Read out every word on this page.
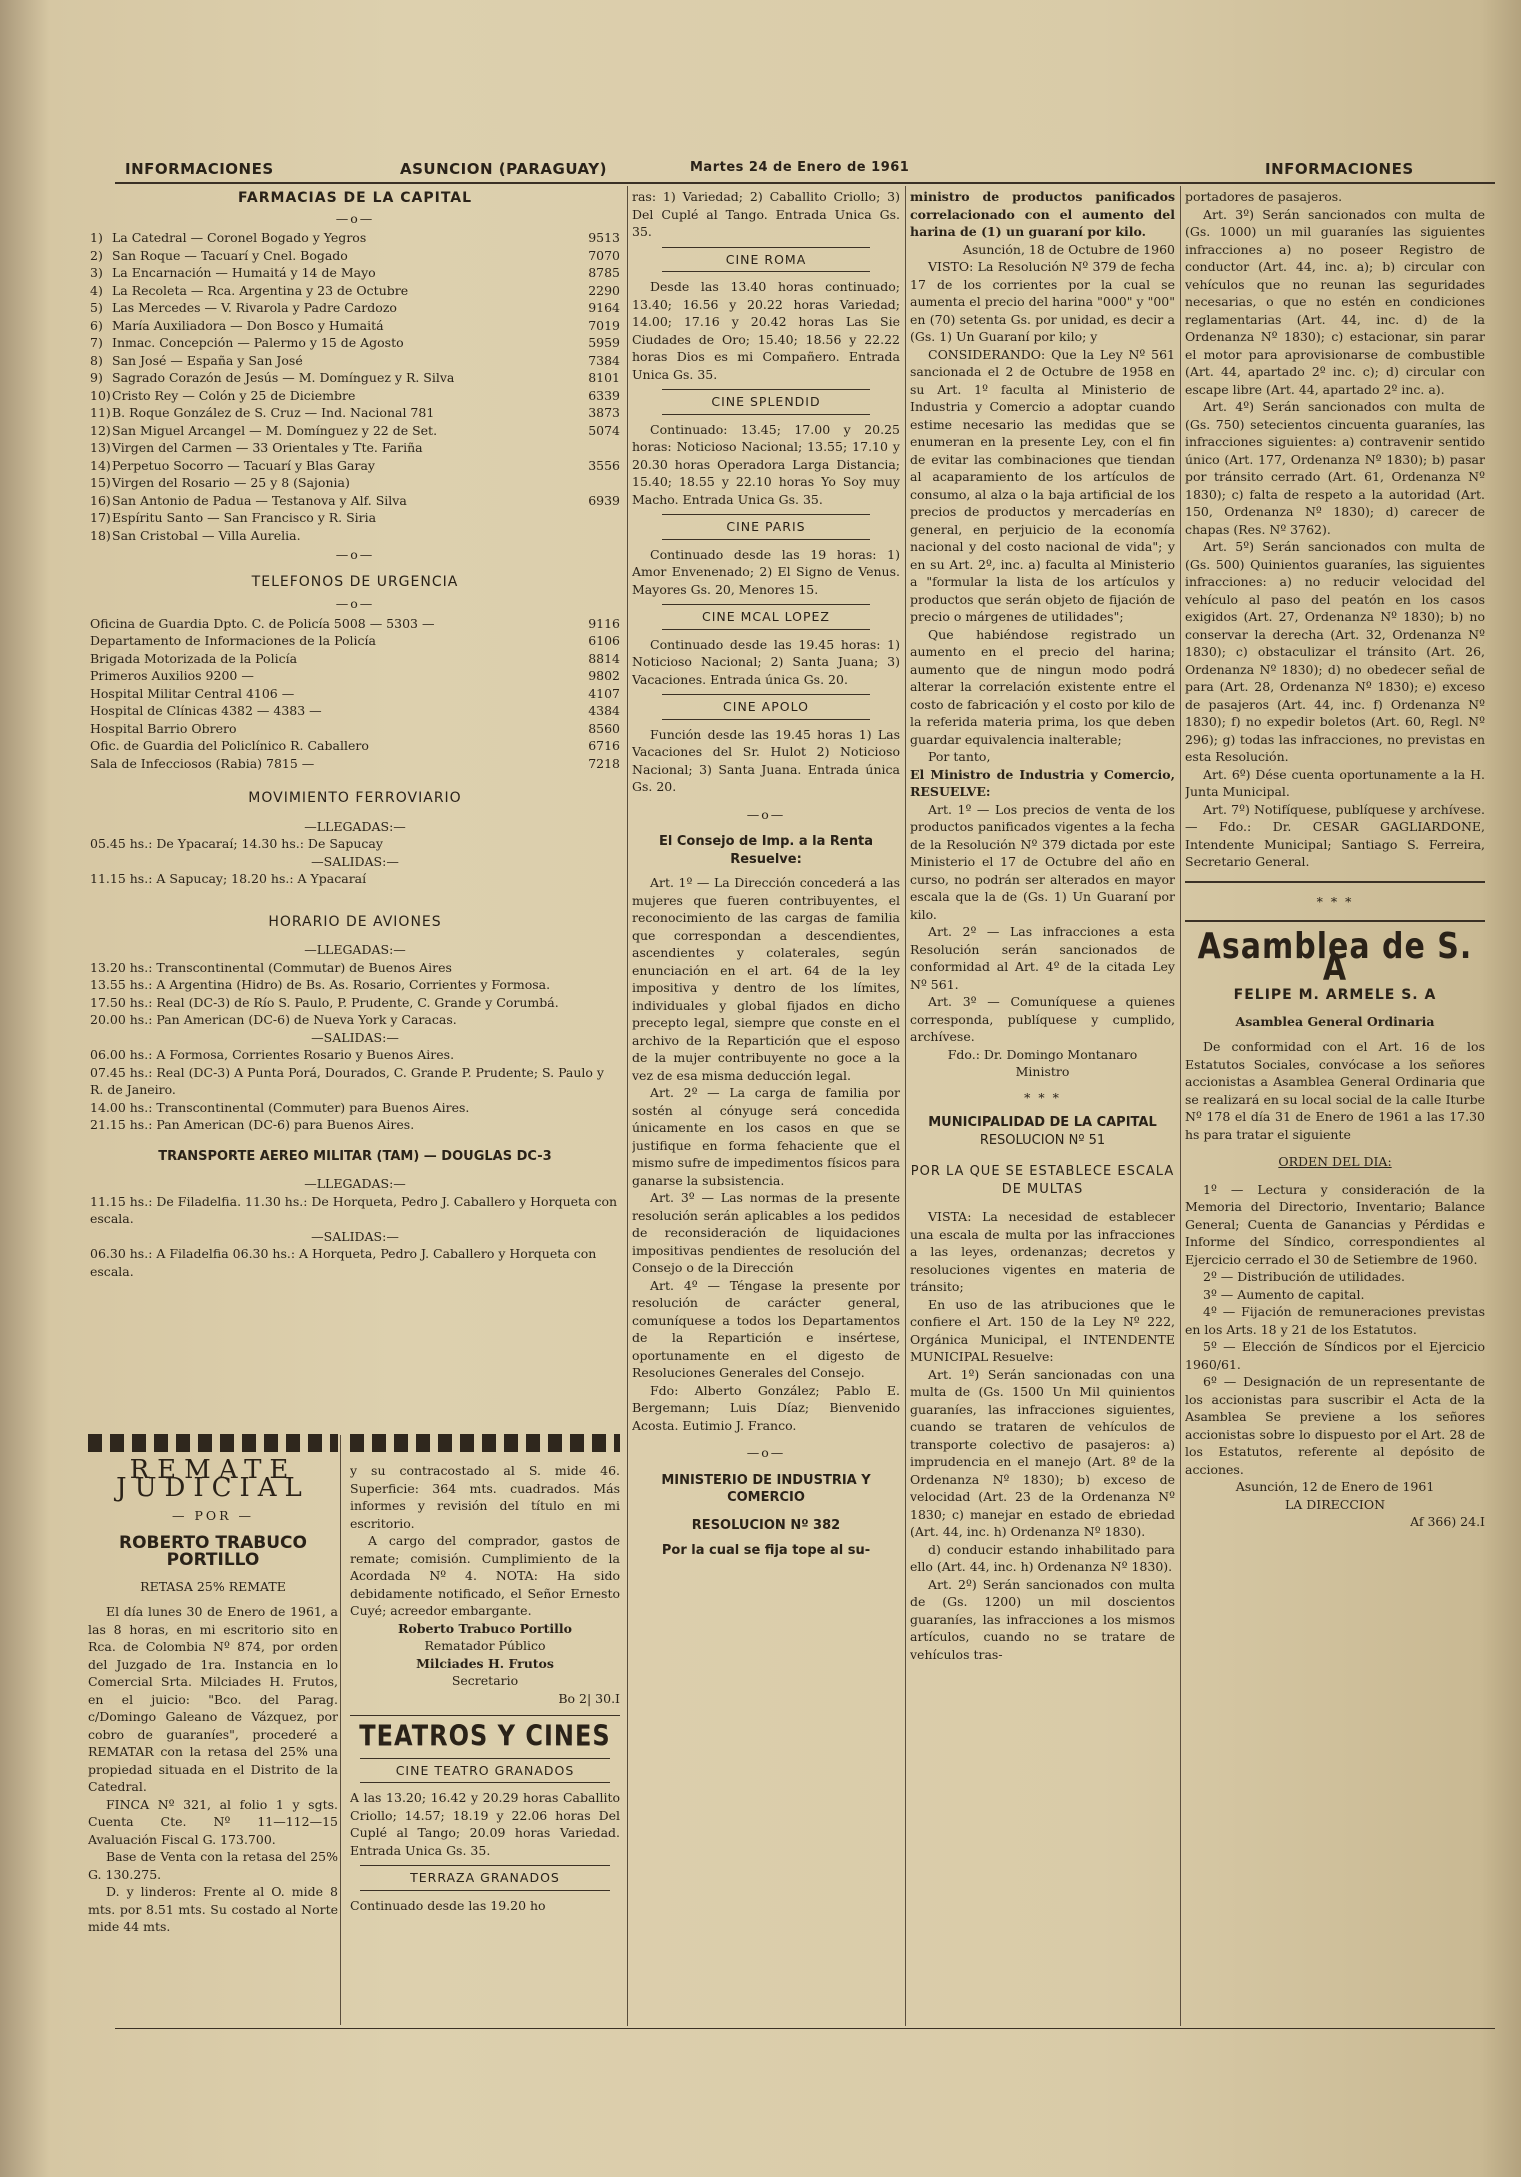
INFORMACIONES	ASUNCION (PARAGUAY)	Martes 24 de Enero de 1961	INFORMACIONES
FARMACIAS DE LA CAPITAL
—o—
1) La Catedral — Coronel Bogado y Yegros	9513
2) San Roque — Tacuarí y Cnel. Bogado	7070
3) La Encarnación — Humaitá y 14 de Mayo	8785
4) La Recoleta — Rca. Argentina y 23 de Octubre	2290
5) Las Mercedes — V. Rivarola y Padre Cardozo	9164
6) María Auxiliadora — Don Bosco y Humaitá	7019
7) Inmac. Concepción — Palermo y 15 de Agosto	5959
8) San José — España y San José	7384
9) Sagrado Corazón de Jesús — M. Domínguez y R. Silva	8101
10) Cristo Rey — Colón y 25 de Diciembre	6339
11) B. Roque González de S. Cruz — Ind. Nacional 781	3873
12) San Miguel Arcangel — M. Domínguez y 22 de Set.	5074
13) Virgen del Carmen — 33 Orientales y Tte. Fariña
14) Perpetuo Socorro — Tacuarí y Blas Garay	3556
15) Virgen del Rosario — 25 y 8 (Sajonia)
16) San Antonio de Padua — Testanova y Alf. Silva	6939
17) Espíritu Santo — San Francisco y R. Siria
18) San Cristobal — Villa Aurelia.
—o—
TELEFONOS DE URGENCIA
—o—
Oficina de Guardia Dpto. C. de Policía 5008 — 5303 —	9116
Departamento de Informaciones de la Policía	6106
Brigada Motorizada de la Policía	8814
Primeros Auxilios 9200 —	9802
Hospital Militar Central 4106 —	4107
Hospital de Clínicas 4382 — 4383 —	4384
Hospital Barrio Obrero	8560
Ofic. de Guardia del Policlínico R. Caballero	6716
Sala de Infecciosos (Rabia) 7815 —	7218
MOVIMIENTO FERROVIARIO

—LLEGADAS:—

05.45 hs.: De Ypacaraí; 14.30 hs.: De Sapucay

—SALIDAS:—

11.15 hs.: A Sapucay; 18.20 hs.: A Ypacaraí

HORARIO DE AVIONES

—LLEGADAS:—

13.20 hs.: Transcontinental (Commutar) de Buenos Aires

13.55 hs.: A Argentina (Hidro) de Bs. As. Rosario, Corrientes y Formosa.

17.50 hs.: Real (DC-3) de Río S. Paulo, P. Prudente, C. Grande y Corumbá.

20.00 hs.: Pan American (DC-6) de Nueva York y Caracas.

—SALIDAS:—

06.00 hs.: A Formosa, Corrientes Rosario y Buenos Aires.

07.45 hs.: Real (DC-3) A Punta Porá, Dourados, C. Grande P. Prudente; S. Paulo y R. de Janeiro.

14.00 hs.: Transcontinental (Commuter) para Buenos Aires.

21.15 hs.: Pan American (DC-6) para Buenos Aires.

TRANSPORTE AEREO MILITAR (TAM) — DOUGLAS DC-3

—LLEGADAS:—

11.15 hs.: De Filadelfia. 11.30 hs.: De Horqueta, Pedro J. Caballero y Horqueta con escala.

—SALIDAS:—

06.30 hs.: A Filadelfia 06.30 hs.: A Horqueta, Pedro J. Caballero y Horqueta con escala.

REMATE JUDICIAL

— POR —

ROBERTO TRABUCO PORTILLO

RETASA 25% REMATE

El día lunes 30 de Enero de 1961, a las 8 horas, en mi escritorio sito en Rca. de Colombia Nº 874, por orden del Juzgado de 1ra. Instancia en lo Comercial Srta. Milciades H. Frutos, en el juicio: "Bco. del Parag. c/Domingo Galeano de Vázquez, por cobro de guaraníes", procederé a REMATAR con la retasa del 25% una propiedad situada en el Distrito de la Catedral.

FINCA Nº 321, al folio 1 y sgts. Cuenta Cte. Nº 11—112—15 Avaluación Fiscal G. 173.700.

Base de Venta con la retasa del 25% G. 130.275.

D. y linderos: Frente al O. mide 8 mts. por 8.51 mts. Su costado al Norte mide 44 mts.

y su contracostado al S. mide 46. Superficie: 364 mts. cuadrados. Más informes y revisión del título en mi escritorio.

A cargo del comprador, gastos de remate; comisión. Cumplimiento de la Acordada Nº 4. NOTA: Ha sido debidamente notificado, el Señor Ernesto Cuyé; acreedor embargante.

Roberto Trabuco Portillo

Rematador Público

Milciades H. Frutos

Secretario

Bo 2| 30.I

TEATROS Y CINES
CINE TEATRO GRANADOS

A las 13.20; 16.42 y 20.29 horas Caballito Criollo; 14.57; 18.19 y 22.06 horas Del Cuplé al Tango; 20.09 horas Variedad. Entrada Unica Gs. 35.

TERRAZA GRANADOS

Continuado desde las 19.20 ho

ras: 1) Variedad; 2) Caballito Criollo; 3) Del Cuplé al Tango. Entrada Unica Gs. 35.

CINE ROMA

Desde las 13.40 horas continuado; 13.40; 16.56 y 20.22 horas Variedad; 14.00; 17.16 y 20.42 horas Las Sie Ciudades de Oro; 15.40; 18.56 y 22.22 horas Dios es mi Compañero. Entrada Unica Gs. 35.

CINE SPLENDID

Continuado: 13.45; 17.00 y 20.25 horas: Noticioso Nacional; 13.55; 17.10 y 20.30 horas Operadora Larga Distancia; 15.40; 18.55 y 22.10 horas Yo Soy muy Macho. Entrada Unica Gs. 35.

CINE PARIS

Continuado desde las 19 horas: 1) Amor Envenenado; 2) El Signo de Venus. Mayores Gs. 20, Menores 15.

CINE MCAL LOPEZ

Continuado desde las 19.45 horas: 1) Noticioso Nacional; 2) Santa Juana; 3) Vacaciones. Entrada única Gs. 20.

CINE APOLO

Función desde las 19.45 horas 1) Las Vacaciones del Sr. Hulot 2) Noticioso Nacional; 3) Santa Juana. Entrada única Gs. 20.

—o—
El Consejo de Imp. a la Renta Resuelve:

Art. 1º — La Dirección concederá a las mujeres que fueren contribuyentes, el reconocimiento de las cargas de familia que correspondan a descendientes, ascendientes y colaterales, según enunciación en el art. 64 de la ley impositiva y dentro de los límites, individuales y global fijados en dicho precepto legal, siempre que conste en el archivo de la Repartición que el esposo de la mujer contribuyente no goce a la vez de esa misma deducción legal.

Art. 2º — La carga de familia por sostén al cónyuge será concedida únicamente en los casos en que se justifique en forma fehaciente que el mismo sufre de impedimentos físicos para ganarse la subsistencia.

Art. 3º — Las normas de la presente resolución serán aplicables a los pedidos de reconsideración de liquidaciones impositivas pendientes de resolución del Consejo o de la Dirección

Art. 4º — Téngase la presente por resolución de carácter general, comuníquese a todos los Departamentos de la Repartición e insértese, oportunamente en el digesto de Resoluciones Generales del Consejo.

Fdo: Alberto González; Pablo E. Bergemann; Luis Díaz; Bienvenido Acosta. Eutimio J. Franco.

—o—
MINISTERIO DE INDUSTRIA Y COMERCIO
RESOLUCION Nº 382
Por la cual se fija tope al su-

ministro de productos panificados correlacionado con el aumento del harina de (1) un guaraní por kilo.

Asunción, 18 de Octubre de 1960

VISTO: La Resolución Nº 379 de fecha 17 de los corrientes por la cual se aumenta el precio del harina "000" y "00" en (70) setenta Gs. por unidad, es decir a (Gs. 1) Un Guaraní por kilo; y

CONSIDERANDO: Que la Ley Nº 561 sancionada el 2 de Octubre de 1958 en su Art. 1º faculta al Ministerio de Industria y Comercio a adoptar cuando estime necesario las medidas que se enumeran en la presente Ley, con el fin de evitar las combinaciones que tiendan al acaparamiento de los artículos de consumo, al alza o la baja artificial de los precios de productos y mercaderías en general, en perjuicio de la economía nacional y del costo nacional de vida"; y en su Art. 2º, inc. a) faculta al Ministerio a "formular la lista de los artículos y productos que serán objeto de fijación de precio o márgenes de utilidades";

Que habiéndose registrado un aumento en el precio del harina; aumento que de ningun modo podrá alterar la correlación existente entre el costo de fabricación y el costo por kilo de la referida materia prima, los que deben guardar equivalencia inalterable;

Por tanto,

El Ministro de Industria y Comercio, RESUELVE:

Art. 1º — Los precios de venta de los productos panificados vigentes a la fecha de la Resolución Nº 379 dictada por este Ministerio el 17 de Octubre del año en curso, no podrán ser alterados en mayor escala que la de (Gs. 1) Un Guaraní por kilo.

Art. 2º — Las infracciones a esta Resolución serán sancionados de conformidad al Art. 4º de la citada Ley Nº 561.

Art. 3º — Comuníquese a quienes corresponda, publíquese y cumplido, archívese.

Fdo.: Dr. Domingo Montanaro

Ministro

* * *
MUNICIPALIDAD DE LA CAPITAL
RESOLUCION Nº 51
POR LA QUE SE ESTABLECE ESCALA DE MULTAS

VISTA: La necesidad de establecer una escala de multa por las infracciones a las leyes, ordenanzas; decretos y resoluciones vigentes en materia de tránsito;

En uso de las atribuciones que le confiere el Art. 150 de la Ley Nº 222, Orgánica Municipal, el INTENDENTE MUNICIPAL Resuelve:

Art. 1º) Serán sancionadas con una multa de (Gs. 1500 Un Mil quinientos guaraníes, las infracciones siguientes, cuando se trataren de vehículos de transporte colectivo de pasajeros: a) imprudencia en el manejo (Art. 8º de la Ordenanza Nº 1830); b) exceso de velocidad (Art. 23 de la Ordenanza Nº 1830; c) manejar en estado de ebriedad (Art. 44, inc. h) Ordenanza Nº 1830).

d) conducir estando inhabilitado para ello (Art. 44, inc. h) Ordenanza Nº 1830).

Art. 2º) Serán sancionados con multa de (Gs. 1200) un mil doscientos guaraníes, las infracciones a los mismos artículos, cuando no se tratare de vehículos tras-

portadores de pasajeros.

Art. 3º) Serán sancionados con multa de (Gs. 1000) un mil guaraníes las siguientes infracciones a) no poseer Registro de conductor (Art. 44, inc. a); b) circular con vehículos que no reunan las seguridades necesarias, o que no estén en condiciones reglamentarias (Art. 44, inc. d) de la Ordenanza Nº 1830); c) estacionar, sin parar el motor para aprovisionarse de combustible (Art. 44, apartado 2º inc. c); d) circular con escape libre (Art. 44, apartado 2º inc. a).

Art. 4º) Serán sancionados con multa de (Gs. 750) setecientos cincuenta guaraníes, las infracciones siguientes: a) contravenir sentido único (Art. 177, Ordenanza Nº 1830); b) pasar por tránsito cerrado (Art. 61, Ordenanza Nº 1830); c) falta de respeto a la autoridad (Art. 150, Ordenanza Nº 1830); d) carecer de chapas (Res. Nº 3762).

Art. 5º) Serán sancionados con multa de (Gs. 500) Quinientos guaraníes, las siguientes infracciones: a) no reducir velocidad del vehículo al paso del peatón en los casos exigidos (Art. 27, Ordenanza Nº 1830); b) no conservar la derecha (Art. 32, Ordenanza Nº 1830); c) obstaculizar el tránsito (Art. 26, Ordenanza Nº 1830); d) no obedecer señal de para (Art. 28, Ordenanza Nº 1830); e) exceso de pasajeros (Art. 44, inc. f) Ordenanza Nº 1830); f) no expedir boletos (Art. 60, Regl. Nº 296); g) todas las infracciones, no previstas en esta Resolución.

Art. 6º) Dése cuenta oportunamente a la H. Junta Municipal.

Art. 7º) Notifíquese, publíquese y archívese. — Fdo.: Dr. CESAR GAGLIARDONE, Intendente Municipal; Santiago S. Ferreira, Secretario General.

* * *
Asamblea de S. A
FELIPE M. ARMELE S. A

Asamblea General Ordinaria

De conformidad con el Art. 16 de los Estatutos Sociales, convócase a los señores accionistas a Asamblea General Ordinaria que se realizará en su local social de la calle Iturbe Nº 178 el día 31 de Enero de 1961 a las 17.30 hs para tratar el siguiente

ORDEN DEL DIA:

1º — Lectura y consideración de la Memoria del Directorio, Inventario; Balance General; Cuenta de Ganancias y Pérdidas e Informe del Síndico, correspondientes al Ejercicio cerrado el 30 de Setiembre de 1960.

2º — Distribución de utilidades.

3º — Aumento de capital.

4º — Fijación de remuneraciones previstas en los Arts. 18 y 21 de los Estatutos.

5º — Elección de Síndicos por el Ejercicio 1960/61.

6º — Designación de un representante de los accionistas para suscribir el Acta de la Asamblea Se previene a los señores accionistas sobre lo dispuesto por el Art. 28 de los Estatutos, referente al depósito de acciones.

Asunción, 12 de Enero de 1961

LA DIRECCION

Af 366) 24.I
